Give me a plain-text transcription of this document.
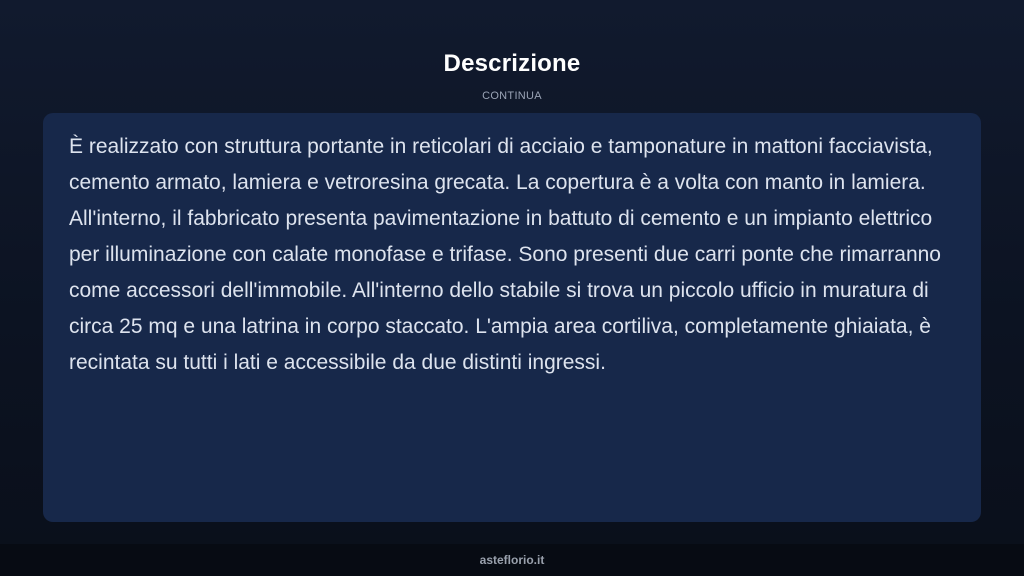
Descrizione
CONTINUA

È realizzato con struttura portante in reticolari di acciaio e tamponature in mattoni facciavista, cemento armato, lamiera e vetroresina grecata. La copertura è a volta con manto in lamiera. All'interno, il fabbricato presenta pavimentazione in battuto di cemento e un impianto elettrico per illuminazione con calate monofase e trifase. Sono presenti due carri ponte che rimarranno come accessori dell'immobile. All'interno dello stabile si trova un piccolo ufficio in muratura di circa 25 mq e una latrina in corpo staccato. L'ampia area cortiliva, completamente ghiaiata, è recintata su tutti i lati e accessibile da due distinti ingressi.

asteflorio.it
